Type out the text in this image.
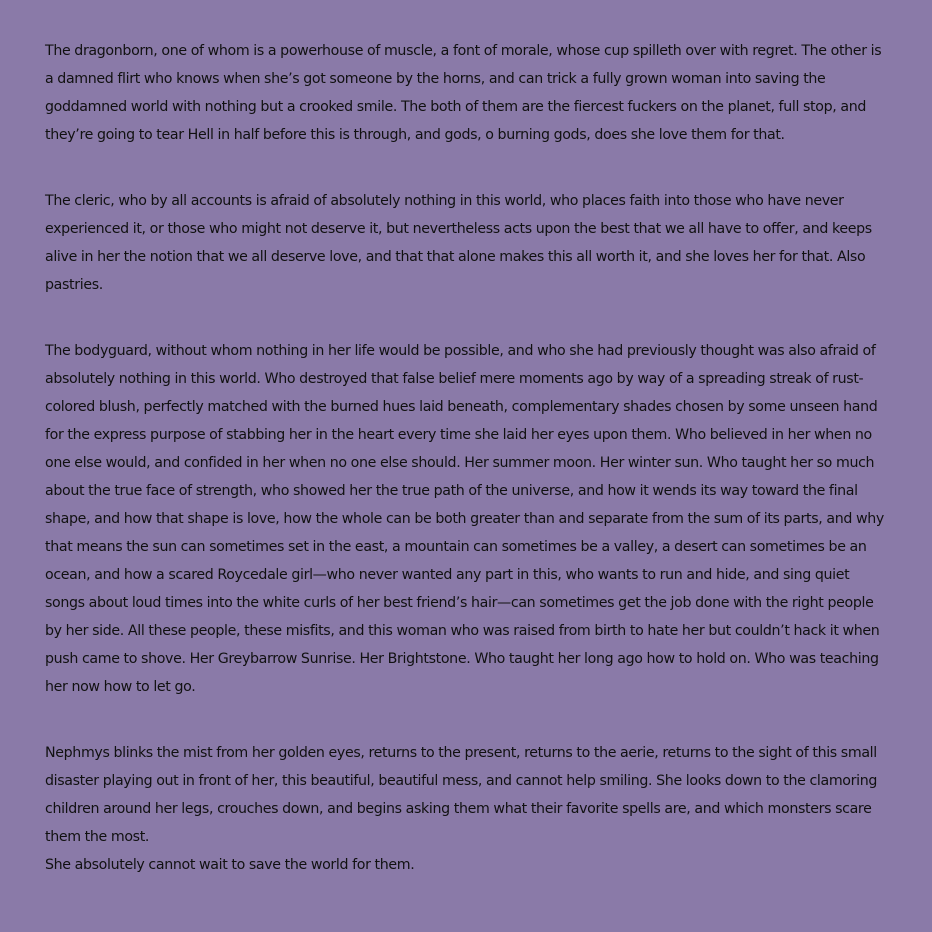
The dragonborn, one of whom is a powerhouse of muscle, a font of morale, whose cup spilleth over with regret. The other is a damned flirt who knows when she’s got someone by the horns, and can trick a fully grown woman into saving the goddamned world with nothing but a crooked smile. The both of them are the fiercest fuckers on the planet, full stop, and they’re going to tear Hell in half before this is through, and gods, o burning gods, does she love them for that.

The cleric, who by all accounts is afraid of absolutely nothing in this world, who places faith into those who have never experienced it, or those who might not deserve it, but nevertheless acts upon the best that we all have to offer, and keeps alive in her the notion that we all deserve love, and that that alone makes this all worth it, and she loves her for that. Also pastries.

The bodyguard, without whom nothing in her life would be possible, and who she had previously thought was also afraid of absolutely nothing in this world. Who destroyed that false belief mere moments ago by way of a spreading streak of rust-colored blush, perfectly matched with the burned hues laid beneath, complementary shades chosen by some unseen hand for the express purpose of stabbing her in the heart every time she laid her eyes upon them. Who believed in her when no one else would, and confided in her when no one else should. Her summer moon. Her winter sun. Who taught her so much about the true face of strength, who showed her the true path of the universe, and how it wends its way toward the final shape, and how that shape is love, how the whole can be both greater than and separate from the sum of its parts, and why that means the sun can sometimes set in the east, a mountain can sometimes be a valley, a desert can sometimes be an ocean, and how a scared Roycedale girl—who never wanted any part in this, who wants to run and hide, and sing quiet songs about loud times into the white curls of her best friend’s hair—can sometimes get the job done with the right people by her side. All these people, these misfits, and this woman who was raised from birth to hate her but couldn’t hack it when push came to shove. Her Greybarrow Sunrise. Her Brightstone. Who taught her long ago how to hold on. Who was teaching her now how to let go.

Nephmys blinks the mist from her golden eyes, returns to the present, returns to the aerie, returns to the sight of this small disaster playing out in front of her, this beautiful, beautiful mess, and cannot help smiling. She looks down to the clamoring children around her legs, crouches down, and begins asking them what their favorite spells are, and which monsters scare them the most.

She absolutely cannot wait to save the world for them.
